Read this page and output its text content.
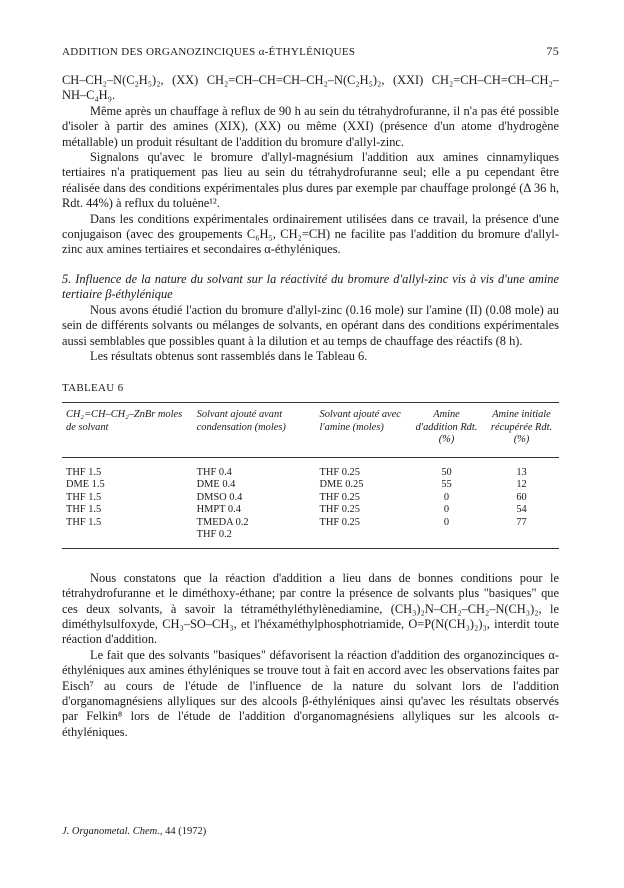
ADDITION DES ORGANOZINCIQUES α-ÉTHYLÉNIQUES	75

CH–CH₂–N(C₂H₅)₂, (XX) CH₂=CH–CH=CH–CH₂–N(C₂H₅)₂, (XXI) CH₂=CH–CH=CH–CH₂–NH–C₄H₉.

Même après un chauffage à reflux de 90 h au sein du tétrahydrofuranne, il n'a pas été possible d'isoler à partir des amines (XIX), (XX) ou même (XXI) (présence d'un atome d'hydrogène métallable) un produit résultant de l'addition du bromure d'allyl-zinc.

Signalons qu'avec le bromure d'allyl-magnésium l'addition aux amines cinnamyliques tertiaires n'a pratiquement pas lieu au sein du tétrahydrofuranne seul; elle a pu cependant être réalisée dans des conditions expérimentales plus dures par exemple par chauffage prolongé (Δ 36 h, Rdt. 44%) à reflux du toluène¹².

Dans les conditions expérimentales ordinairement utilisées dans ce travail, la présence d'une conjugaison (avec des groupements C₆H₅, CH₂=CH) ne facilite pas l'addition du bromure d'allyl-zinc aux amines tertiaires et secondaires α-éthyléniques.

5. Influence de la nature du solvant sur la réactivité du bromure d'allyl-zinc vis à vis d'une amine tertiaire β-éthylénique

Nous avons étudié l'action du bromure d'allyl-zinc (0.16 mole) sur l'amine (II) (0.08 mole) au sein de différents solvants ou mélanges de solvants, en opérant dans des conditions expérimentales aussi semblables que possibles quant à la dilution et au temps de chauffage des réactifs (8 h).

Les résultats obtenus sont rassemblés dans le Tableau 6.

TABLEAU 6
CH₂=CH–CH₂–ZnBr moles de solvant	Solvant ajouté avant condensation (moles)	Solvant ajouté avec l'amine (moles)	Amine d'addition Rdt. (%)	Amine initiale récupérée Rdt. (%)
THF 1.5	THF 0.4	THF 0.25	50	13
DME 1.5	DME 0.4	DME 0.25	55	12
THF 1.5	DMSO 0.4	THF 0.25	0	60
THF 1.5	HMPT 0.4	THF 0.25	0	54
THF 1.5	TMEDA 0.2	THF 0.25	0	77
	THF 0.2			

Nous constatons que la réaction d'addition a lieu dans de bonnes conditions pour le tétrahydrofuranne et le diméthoxy-éthane; par contre la présence de solvants plus "basiques" que ces deux solvants, à savoir la tétraméthyléthylènediamine, (CH₃)₂N–CH₂–CH₂–N(CH₃)₂, le diméthylsulfoxyde, CH₃–SO–CH₃, et l'héxaméthylphosphotriamide, O=P(N(CH₃)₂)₃, interdit toute réaction d'addition.

Le fait que des solvants "basiques" défavorisent la réaction d'addition des organozinciques α-éthyléniques aux amines éthyléniques se trouve tout à fait en accord avec les observations faites par Eisch⁷ au cours de l'étude de l'influence de la nature du solvant lors de l'addition d'organomagnésiens allyliques sur des alcools β-éthyléniques ainsi qu'avec les résultats observés par Felkin⁸ lors de l'étude de l'addition d'organomagnésiens allyliques sur les alcools α-éthyléniques.

J. Organometal. Chem., 44 (1972)
